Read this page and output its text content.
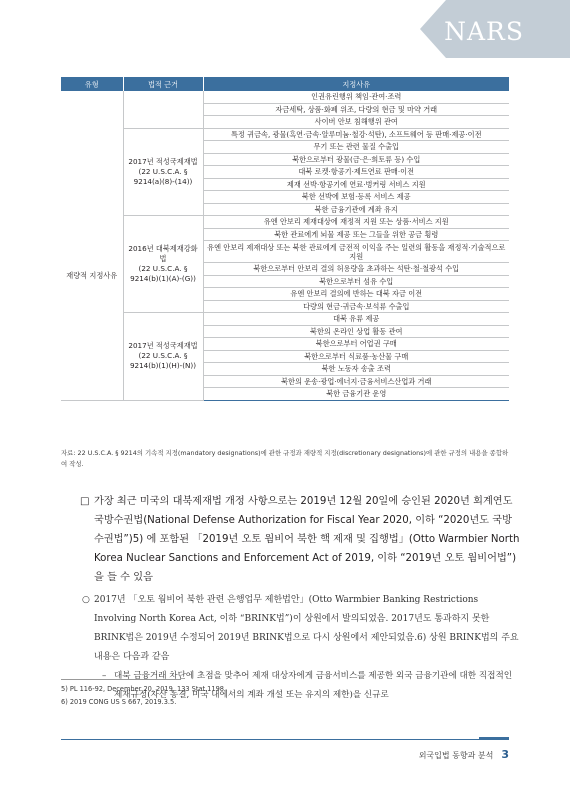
NARS
유형	법적 근거	지정사유
재량적 지정사유		인권유린행위 책임·관여·조력
		자금세탁, 상품·화폐 위조, 다량의 현금 및 마약 거래
		사이버 안보 침해행위 관여
	2017년 적성국제재법
(22 U.S.C.A. §
9214(a)(8)-(14))	특정 귀금속, 광물(흑연·금속·알루미늄·철강·석탄), 소프트웨어 등 판매·제공·이전
		무기 또는 관련 물질 수출입
		북한으로부터 광물(금·은·희토류 등) 수입
		대북 로켓·항공기·제트연료 판매·이전
		제재 선박·항공기에 연료·벙커링 서비스 지원
		북한 선박에 보험·등록 서비스 제공
		북한 금융기관에 계좌 유지
	2016년 대북제재강화법
(22 U.S.C.A. §
9214(b)(1)(A)-(G))	유엔 안보리 제재대상에 재정적 지원 또는 상품·서비스 지원
		북한 관료에게 뇌물 제공 또는 그들을 위한 공금 횡령
		유엔 안보리 제재대상 또는 북한 관료에게 금전적 이익을 주는 일련의 활동을 재정적·기술적으로 지원
		북한으로부터 안보리 결의 허용량을 초과하는 석탄·철·철광석 수입
		북한으로부터 섬유 수입
		유엔 안보리 결의에 반하는 대북 자금 이전
		다량의 현금·귀금속·보석류 수출입
	2017년 적성국제재법
(22 U.S.C.A. §
9214(b)(1)(H)-(N))	대북 유류 제공
		북한의 온라인 상업 활동 관여
		북한으로부터 어업권 구매
		북한으로부터 식료품·농산물 구매
		북한 노동자 송출 조력
		북한의 운송·광업·에너지·금융서비스산업과 거래
		북한 금융기관 운영
자료: 22 U.S.C.A. § 9214의 기속적 지정(mandatory designations)에 관한 규정과 재량적 지정(discretionary designations)에 관한 규정의 내용을 종합하여 작성.
□ 가장 최근 미국의 대북제재법 개정 사항으로는 2019년 12월 20일에 승인된 2020년 회계연도 국방수권법(National Defense Authorization for Fiscal Year 2020, 이하 “2020년도 국방수권법”)5) 에 포함된 「2019년 오토 웜비어 북한 핵 제재 및 집행법」(Otto Warmbier North Korea Nuclear Sanctions and Enforcement Act of 2019, 이하 “2019년 오토 웜비어법”)을 들 수 있음
○ 2017년 「오토 웜비어 북한 관련 은행업무 제한법안」(Otto Warmbier Banking Restrictions Involving North Korea Act, 이하 “BRINK법”)이 상원에서 발의되었음. 2017년도 통과하지 못한 BRINK법은 2019년 수정되어 2019년 BRINK법으로 다시 상원에서 제안되었음.6) 상원 BRINK법의 주요 내용은 다음과 같음
– 대북 금융거래 차단에 초점을 맞추어 제재 대상자에게 금융서비스를 제공한 외국 금융기관에 대한 직접적인 제재규정(자산 동결, 미국 내에서의 계좌 개설 또는 유지의 제한)을 신규로
5) PL 116-92, December 20, 2019, 133 Stat 1198.
6) 2019 CONG US S 667, 2019.3.5.
외국입법 동향과 분석 3
